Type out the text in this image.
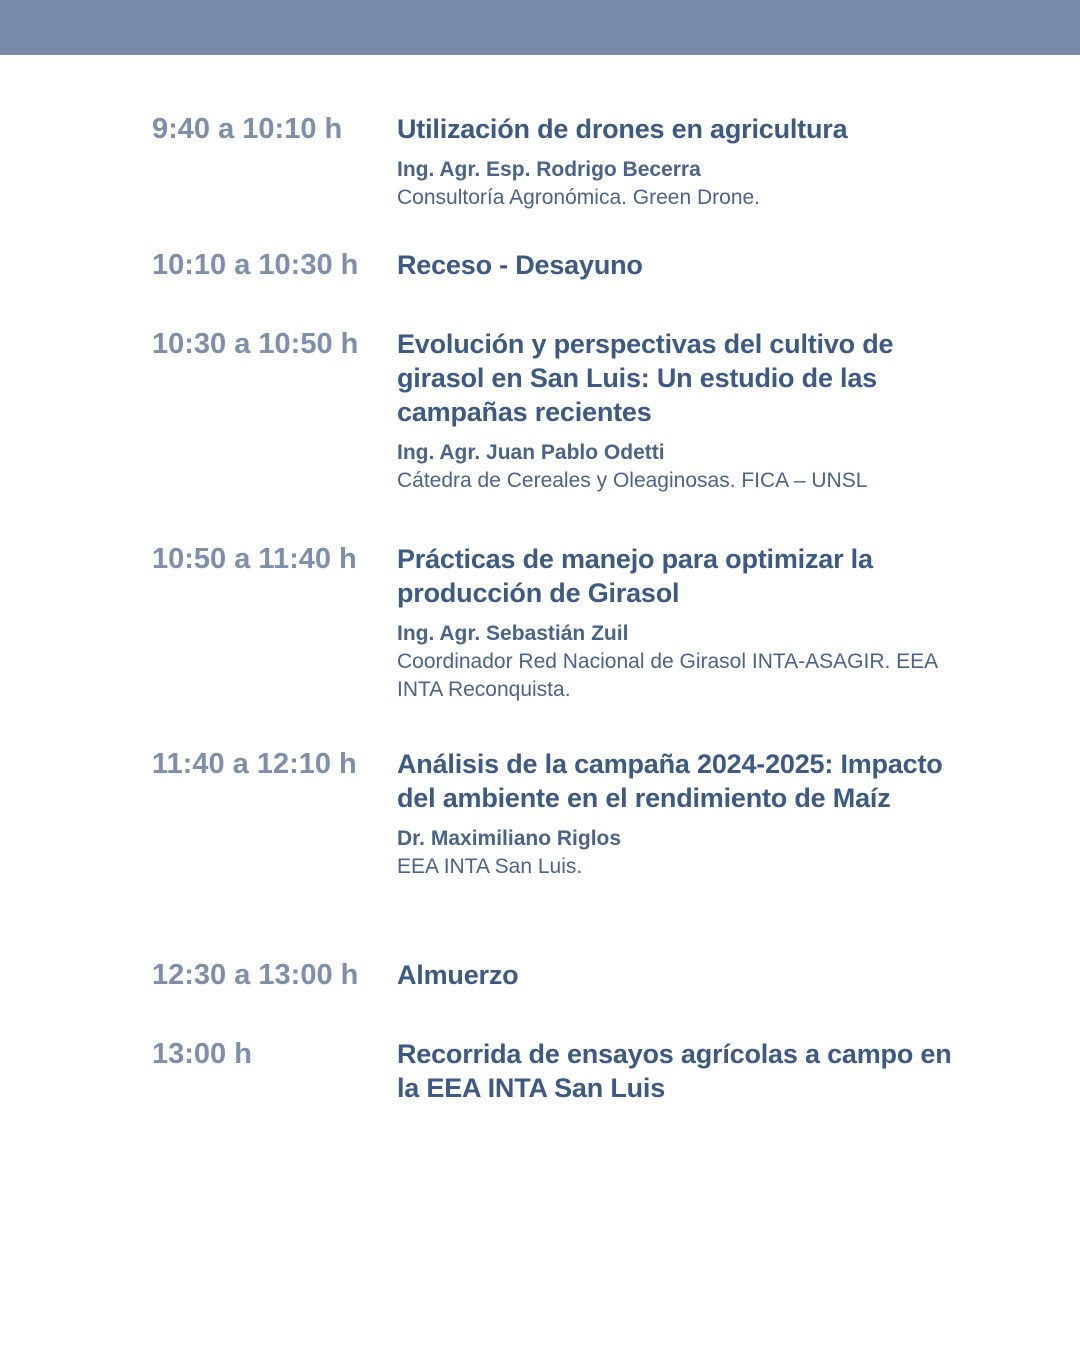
9:40 a 10:10 h	Utilización de drones en agricultura
Ing. Agr. Esp. Rodrigo Becerra
Consultoría Agronómica. Green Drone.
10:10 a 10:30 h	Receso - Desayuno
10:30 a 10:50 h	Evolución y perspectivas del cultivo de girasol en San Luis: Un estudio de las campañas recientes
Ing. Agr. Juan Pablo Odetti
Cátedra de Cereales y Oleaginosas. FICA – UNSL
10:50 a 11:40 h	Prácticas de manejo para optimizar la producción de Girasol
Ing. Agr. Sebastián Zuil
Coordinador Red Nacional de Girasol INTA-ASAGIR. EEA INTA Reconquista.
11:40 a 12:10 h	Análisis de la campaña 2024-2025: Impacto del ambiente en el rendimiento de Maíz
Dr. Maximiliano Riglos
EEA INTA San Luis.
12:30 a 13:00 h	Almuerzo
13:00 h	Recorrida de ensayos agrícolas a campo en la EEA INTA San Luis
